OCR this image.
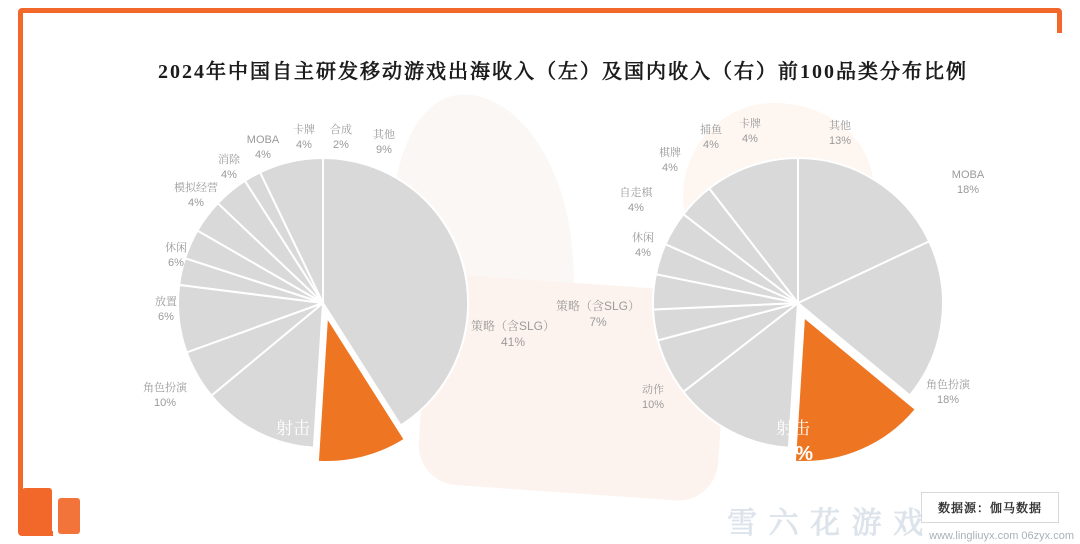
2024年中国自主研发移动游戏出海收入（左）及国内收入（右）前100品类分布比例
策略（含SLG）
41%
射击
10%
角色扮演
10%
放置
6%
休闲
6%
模拟经营
4%
消除
4%
MOBA
4%
卡牌
4%
合成
2%
其他
9%
MOBA
18%
角色扮演
18%
射击
13%
动作
10%
策略（含SLG）
7%
休闲
4%
自走棋
4%
棋牌
4%
捕鱼
4%
卡牌
4%
其他
13%
数据源：伽马数据
雪 六 花 游 戏 www.lingliuyx.com 06zyx.com
